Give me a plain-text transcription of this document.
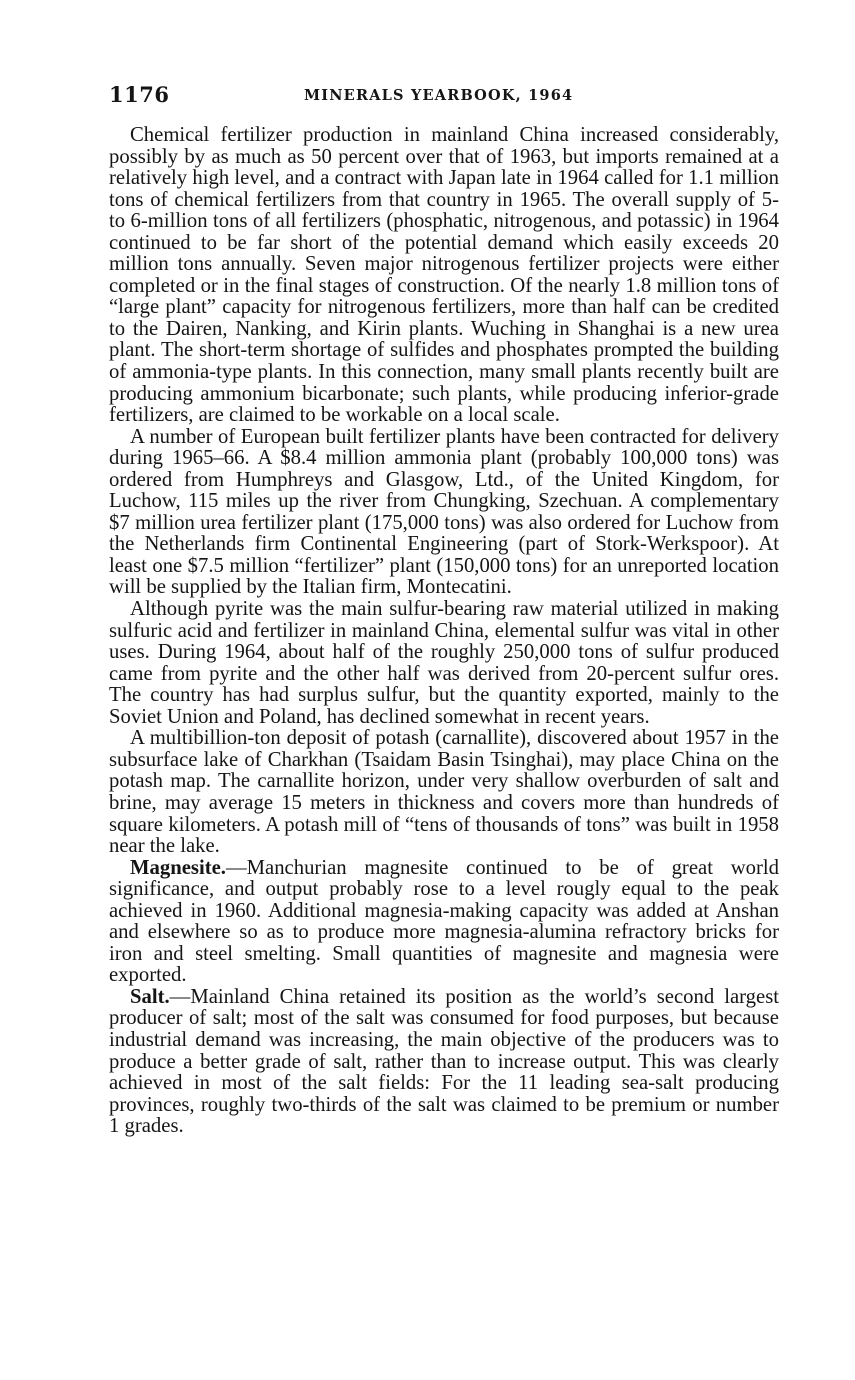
1176	MINERALS YEARBOOK, 1964

Chemical fertilizer production in mainland China increased considerably, possibly by as much as 50 percent over that of 1963, but imports remained at a relatively high level, and a contract with Japan late in 1964 called for 1.1 million tons of chemical fertilizers from that country in 1965. The overall supply of 5- to 6-million tons of all fertilizers (phosphatic, nitrogenous, and potassic) in 1964 continued to be far short of the potential demand which easily exceeds 20 million tons annually. Seven major nitrogenous fertilizer projects were either completed or in the final stages of construction. Of the nearly 1.8 million tons of “large plant” capacity for nitrogenous fertilizers, more than half can be credited to the Dairen, Nanking, and Kirin plants. Wuching in Shanghai is a new urea plant. The short-term shortage of sulfides and phosphates prompted the building of ammonia-type plants. In this connection, many small plants recently built are producing ammonium bicarbonate; such plants, while producing inferior-grade fertilizers, are claimed to be workable on a local scale.

A number of European built fertilizer plants have been contracted for delivery during 1965–66. A $8.4 million ammonia plant (probably 100,000 tons) was ordered from Humphreys and Glasgow, Ltd., of the United Kingdom, for Luchow, 115 miles up the river from Chungking, Szechuan. A complementary $7 million urea fertilizer plant (175,000 tons) was also ordered for Luchow from the Netherlands firm Continental Engineering (part of Stork-Werkspoor). At least one $7.5 million “fertilizer” plant (150,000 tons) for an unreported location will be supplied by the Italian firm, Montecatini.

Although pyrite was the main sulfur-bearing raw material utilized in making sulfuric acid and fertilizer in mainland China, elemental sulfur was vital in other uses. During 1964, about half of the roughly 250,000 tons of sulfur produced came from pyrite and the other half was derived from 20-percent sulfur ores. The country has had surplus sulfur, but the quantity exported, mainly to the Soviet Union and Poland, has declined somewhat in recent years.

A multibillion-ton deposit of potash (carnallite), discovered about 1957 in the subsurface lake of Charkhan (Tsaidam Basin Tsinghai), may place China on the potash map. The carnallite horizon, under very shallow overburden of salt and brine, may average 15 meters in thickness and covers more than hundreds of square kilometers. A potash mill of “tens of thousands of tons” was built in 1958 near the lake.

Magnesite.—Manchurian magnesite continued to be of great world significance, and output probably rose to a level rougly equal to the peak achieved in 1960. Additional magnesia-making capacity was added at Anshan and elsewhere so as to produce more magnesia-alumina refractory bricks for iron and steel smelting. Small quantities of magnesite and magnesia were exported.

Salt.—Mainland China retained its position as the world’s second largest producer of salt; most of the salt was consumed for food purposes, but because industrial demand was increasing, the main objective of the producers was to produce a better grade of salt, rather than to increase output. This was clearly achieved in most of the salt fields: For the 11 leading sea-salt producing provinces, roughly two-thirds of the salt was claimed to be premium or number 1 grades.
